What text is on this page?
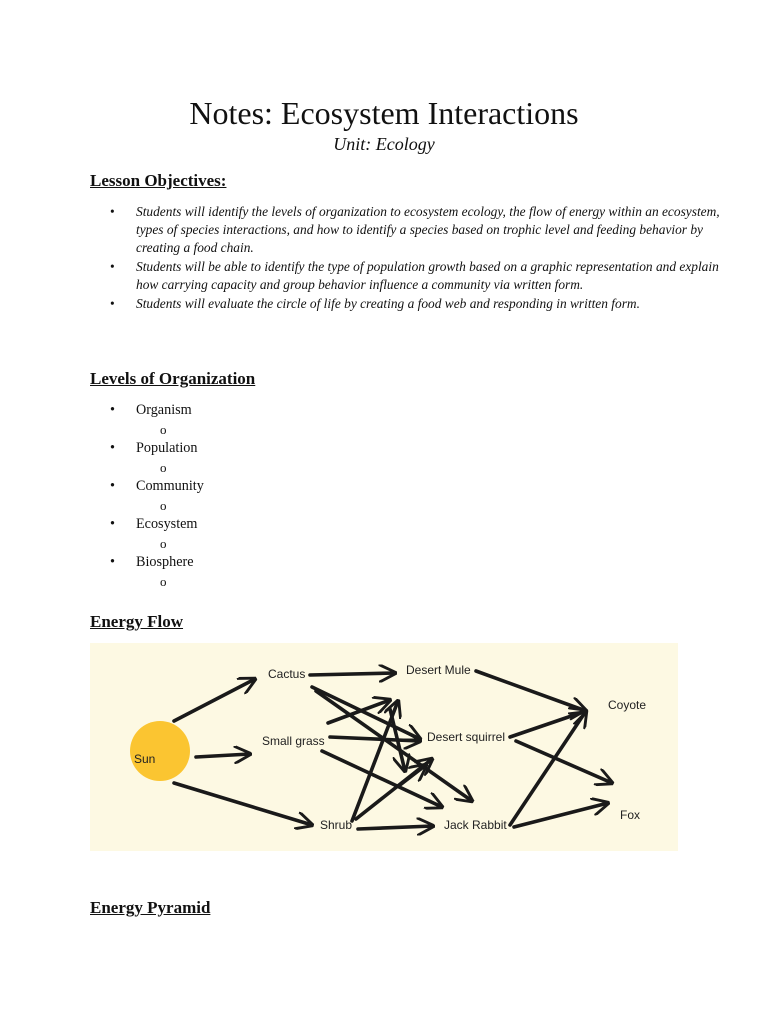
Notes: Ecosystem Interactions

Unit: Ecology

Lesson Objectives:
• Students will identify the levels of organization to ecosystem ecology, the flow of energy within an ecosystem, types of species interactions, and how to identify a species based on trophic level and feeding behavior by creating a food chain.
• Students will be able to identify the type of population growth based on a graphic representation and explain how carrying capacity and group behavior influence a community via written form.
• Students will evaluate the circle of life by creating a food web and responding in written form.
Levels of Organization
• Organism
o
• Population
o
• Community
o
• Ecosystem
o
• Biosphere
o
Energy Flow
Sun
Cactus
Small grass
Shrub
Desert Mule
Desert squirrel
Jack Rabbit
Coyote
Fox
Energy Pyramid
